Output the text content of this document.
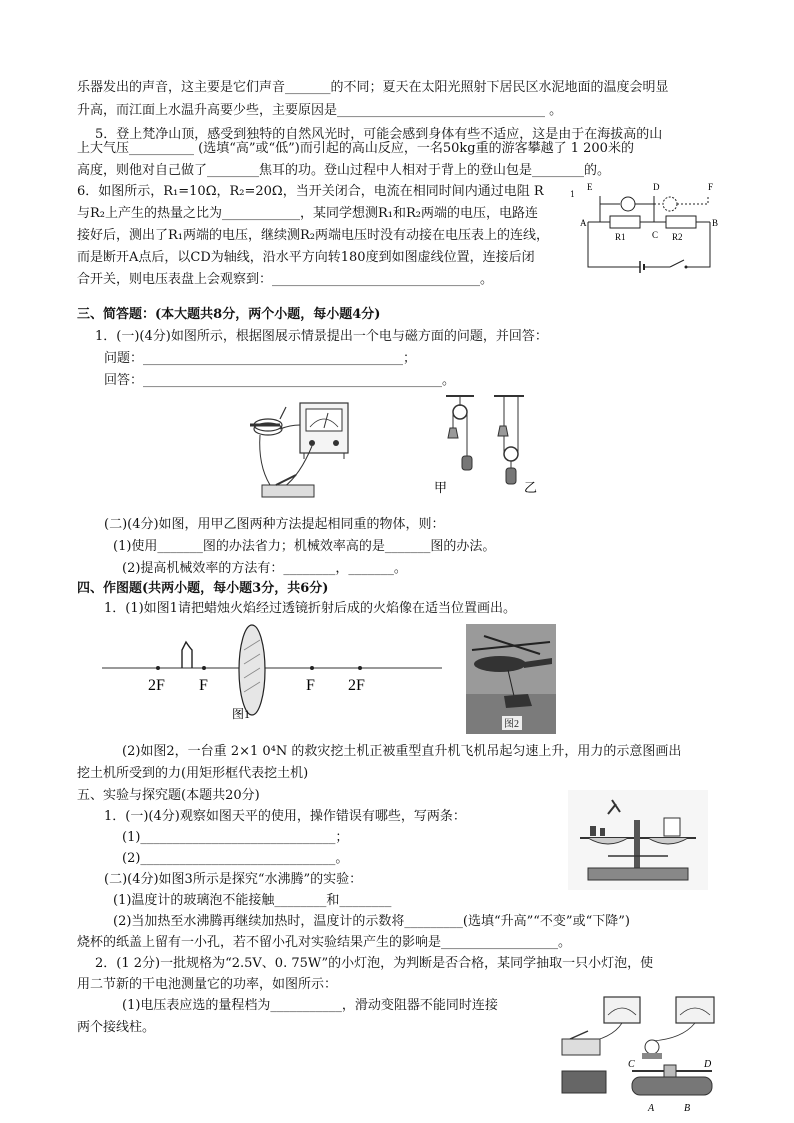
乐器发出的声音，这主要是它们声音_______的不同；夏天在太阳光照射下居民区水泥地面的温度会明显
升高，而江面上水温升高要少些，主要原因是________________________________ 。
5．登上梵净山顶，感受到独特的自然风光时，可能会感到身体有些不适应，这是由于在海拔高的山
上大气压__________ (选填“高”或“低”)而引起的高山反应，一名50kg重的游客攀越了 1 200米的
高度，则他对自己做了________焦耳的功。登山过程中人相对于背上的登山包是________的。
6．如图所示，R₁=10Ω，R₂=20Ω，当开关闭合，电流在相同时间内通过电阻 R
与R₂上产生的热量之比为____________，某同学想测R₁和R₂两端的电压，电路连
接好后，测出了R₁两端的电压，继续测R₂两端电压时没有动接在电压表上的连线，
而是断开A点后，以CD为轴线，沿水平方向转180度到如图虚线位置，连接后闭
合开关，则电压表盘上会观察到：________________________________。
三、简答题：(本大题共8分，两个小题，每小题4分)
1．(一)(4分)如图所示，根据图展示情景提出一个电与磁方面的问题，并回答：
问题：________________________________________；
回答：______________________________________________。
(二)(4分)如图，用甲乙图两种方法提起相同重的物体，则：
(1)使用_______图的办法省力；机械效率高的是_______图的办法。
(2)提高机械效率的方法有：________，_______。
四、作图题(共两小题，每小题3分，共6分)
1．(1)如图1请把蜡烛火焰经过透镜折射后成的火焰像在适当位置画出。
(2)如图2，一台重 2×1 0⁴N 的救灾挖土机正被重型直升机飞机吊起匀速上升，用力的示意图画出
挖土机所受到的力(用矩形框代表挖土机)
五、实验与探究题(本题共20分)
1．(一)(4分)观察如图天平的使用，操作错误有哪些，写两条：
(1)______________________________；
(2)______________________________。
(二)(4分)如图3所示是探究“水沸腾”的实验：
(1)温度计的玻璃泡不能接触________和________
(2)当加热至水沸腾再继续加热时，温度计的示数将_________(选填“升高”“不变”或“下降”)
烧杯的纸盖上留有一小孔，若不留小孔对实验结果产生的影响是__________________。
2．(1 2分)一批规格为“2.5V、0. 75W”的小灯泡，为判断是否合格，某同学抽取一只小灯泡，使
用二节新的干电池测量它的功率，如图所示：
(1)电压表应选的量程档为___________，滑动变阻器不能同时连接
两个接线柱。
E	D	F
A
R1	C R2
B
1
甲	乙
2F F	F 2F
图1
图2
C	D
A	B
